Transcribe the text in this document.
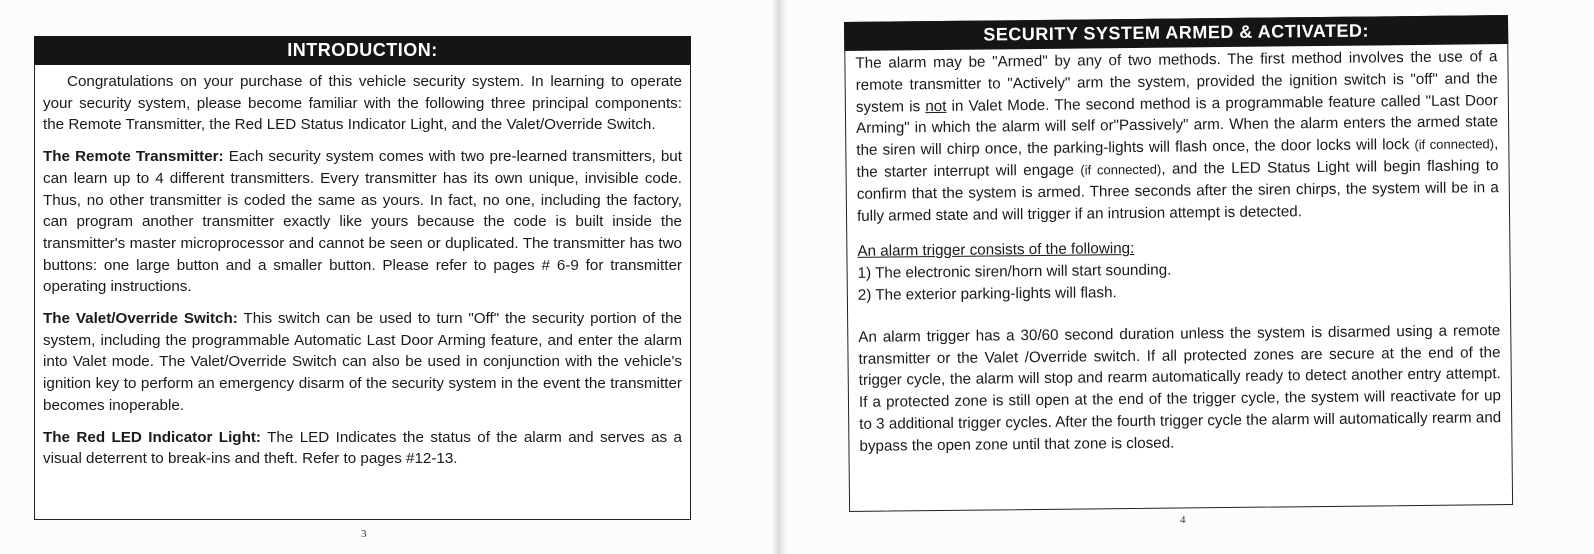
INTRODUCTION:

Congratulations on your purchase of this vehicle security system. In learning to operate your security system, please become familiar with the following three principal components: the Remote Transmitter, the Red LED Status Indicator Light, and the Valet/Override Switch.

The Remote Transmitter: Each security system comes with two pre-learned transmitters, but can learn up to 4 different transmitters. Every transmitter has its own unique, invisible code. Thus, no other transmitter is coded the same as yours. In fact, no one, including the factory, can program another transmitter exactly like yours because the code is built inside the transmitter's master microprocessor and cannot be seen or duplicated. The transmitter has two buttons: one large button and a smaller button. Please refer to pages # 6-9 for transmitter operating instructions.

The Valet/Override Switch: This switch can be used to turn "Off" the security portion of the system, including the programmable Automatic Last Door Arming feature, and enter the alarm into Valet mode. The Valet/Override Switch can also be used in conjunction with the vehicle's ignition key to perform an emergency disarm of the security system in the event the transmitter becomes inoperable.

The Red LED Indicator Light: The LED Indicates the status of the alarm and serves as a visual deterrent to break-ins and theft. Refer to pages #12-13.

3
SECURITY SYSTEM ARMED & ACTIVATED:

The alarm may be "Armed" by any of two methods. The first method involves the use of a remote transmitter to "Actively" arm the system, provided the ignition switch is "off" and the system is not in Valet Mode. The second method is a programmable feature called "Last Door Arming" in which the alarm will self or"Passively" arm. When the alarm enters the armed state the siren will chirp once, the parking-lights will flash once, the door locks will lock (if connected), the starter interrupt will engage (if connected), and the LED Status Light will begin flashing to confirm that the system is armed. Three seconds after the siren chirps, the system will be in a fully armed state and will trigger if an intrusion attempt is detected.

An alarm trigger consists of the following:

1) The electronic siren/horn will start sounding.

2) The exterior parking-lights will flash.

An alarm trigger has a 30/60 second duration unless the system is disarmed using a remote transmitter or the Valet /Override switch. If all protected zones are secure at the end of the trigger cycle, the alarm will stop and rearm automatically ready to detect another entry attempt. If a protected zone is still open at the end of the trigger cycle, the system will reactivate for up to 3 additional trigger cycles. After the fourth trigger cycle the alarm will automatically rearm and bypass the open zone until that zone is closed.

4
